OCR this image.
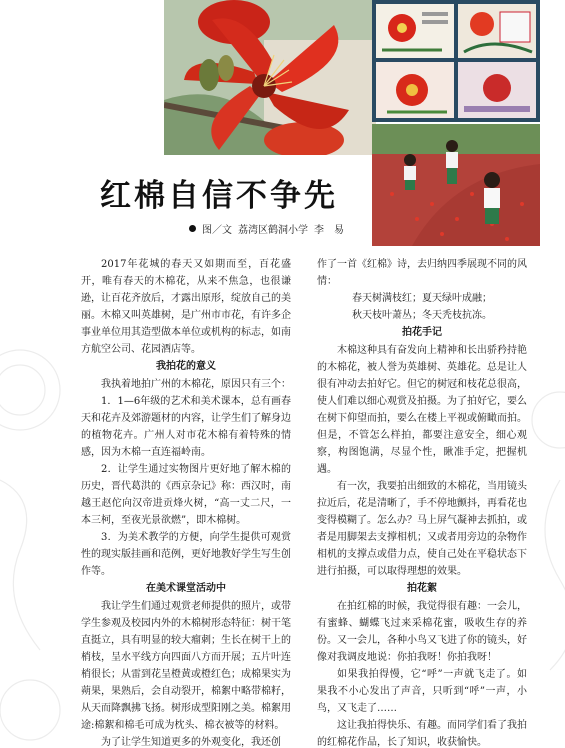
红棉自信不争先
图／文 荔湾区鹤洞小学 李　易

2017年花城的春天又如期而至，百花盛开，唯有春天的木棉花，从来不焦急，也很谦逊，让百花齐放后，才露出原形，绽放自己的美丽。木棉又叫英雄树，是广州市市花，有许多企事业单位用其造型做本单位或机构的标志，如南方航空公司、花园酒店等。

我拍花的意义

我执着地拍广州的木棉花，原因只有三个：

1．1—6年级的艺术和美术课本，总有画春天和花卉及郊游题材的内容，让学生们了解身边的植物花卉。广州人对市花木棉有着特殊的情感，因为木棉一直连福岭南。

2．让学生通过实物图片更好地了解木棉的历史，晋代葛洪的《西京杂记》称：西汉时，南越王赵佗向汉帝进贡烽火树，“高一丈二尺，一本三柯，至夜光景欲燃”，即木棉树。

3．为美术教学的方便，向学生提供可观赏性的现实版挂画和范例，更好地教好学生写生创作等。

在美术课堂活动中

我让学生们通过观赏老师提供的照片，或带学生参观及校园内外的木棉树形态特征：树干笔直挺立，具有明显的较大瘤刺；生长在树干上的梢枝，呈水平线方向四面八方而开展；五片叶连梢很长；从雷到花呈橙黄或橙红色；成棉果实为蒴果，果熟后，会自动裂开，棉絮中略带棉籽，从天而降飘拂飞扬。树形成型阳刚之美。棉絮用途:棉絮和棉毛可成为枕头、棉衣被等的材料。

为了让学生知道更多的外观变化，我还创

作了一首《红棉》诗，去归纳四季展现不同的风情：

春天树满枝红；夏天绿叶成融；

秋天枝叶萧丛；冬天秃枝抗冻。

拍花手记

木棉这种具有奋发向上精神和长出骄矜持艳的木棉花，被人誉为英雄树、英雄花。总是让人很有冲动去拍好它。但它的树冠和枝花总很高，使人们难以细心观赏及拍摄。为了拍好它，要么在树下仰望而拍，要么在楼上平视或俯瞰而拍。但是，不管怎么样拍，都要注意安全，细心观察，构图饱满，尽显个性，瞅准手定，把握机遇。

有一次，我要拍出细致的木棉花，当用镜头拉近后，花是清晰了，手不停地颤抖，再看花也变得模糊了。怎么办？马上屏气凝神去抓拍，或者是用脚架去支撑相机；又或者用旁边的杂物作相机的支撑点或借力点，使自己处在平稳状态下进行拍摄，可以取得理想的效果。

拍花絮

在拍红棉的时候，我觉得很有趣：一会儿，有蜜蜂、蝴蝶飞过来采棉花蜜，吸收生存的养份。又一会儿，各种小鸟又飞进了你的镜头，好像对我调皮地说：你拍我呀！你拍我呀！

如果我拍得慢，它“呼”一声就飞走了。如果我不小心发出了声音，只听到“呼”一声，小鸟，又飞走了……

这让我拍得快乐、有趣。而同学们看了我拍的红棉花作品，长了知识，收获愉快。
